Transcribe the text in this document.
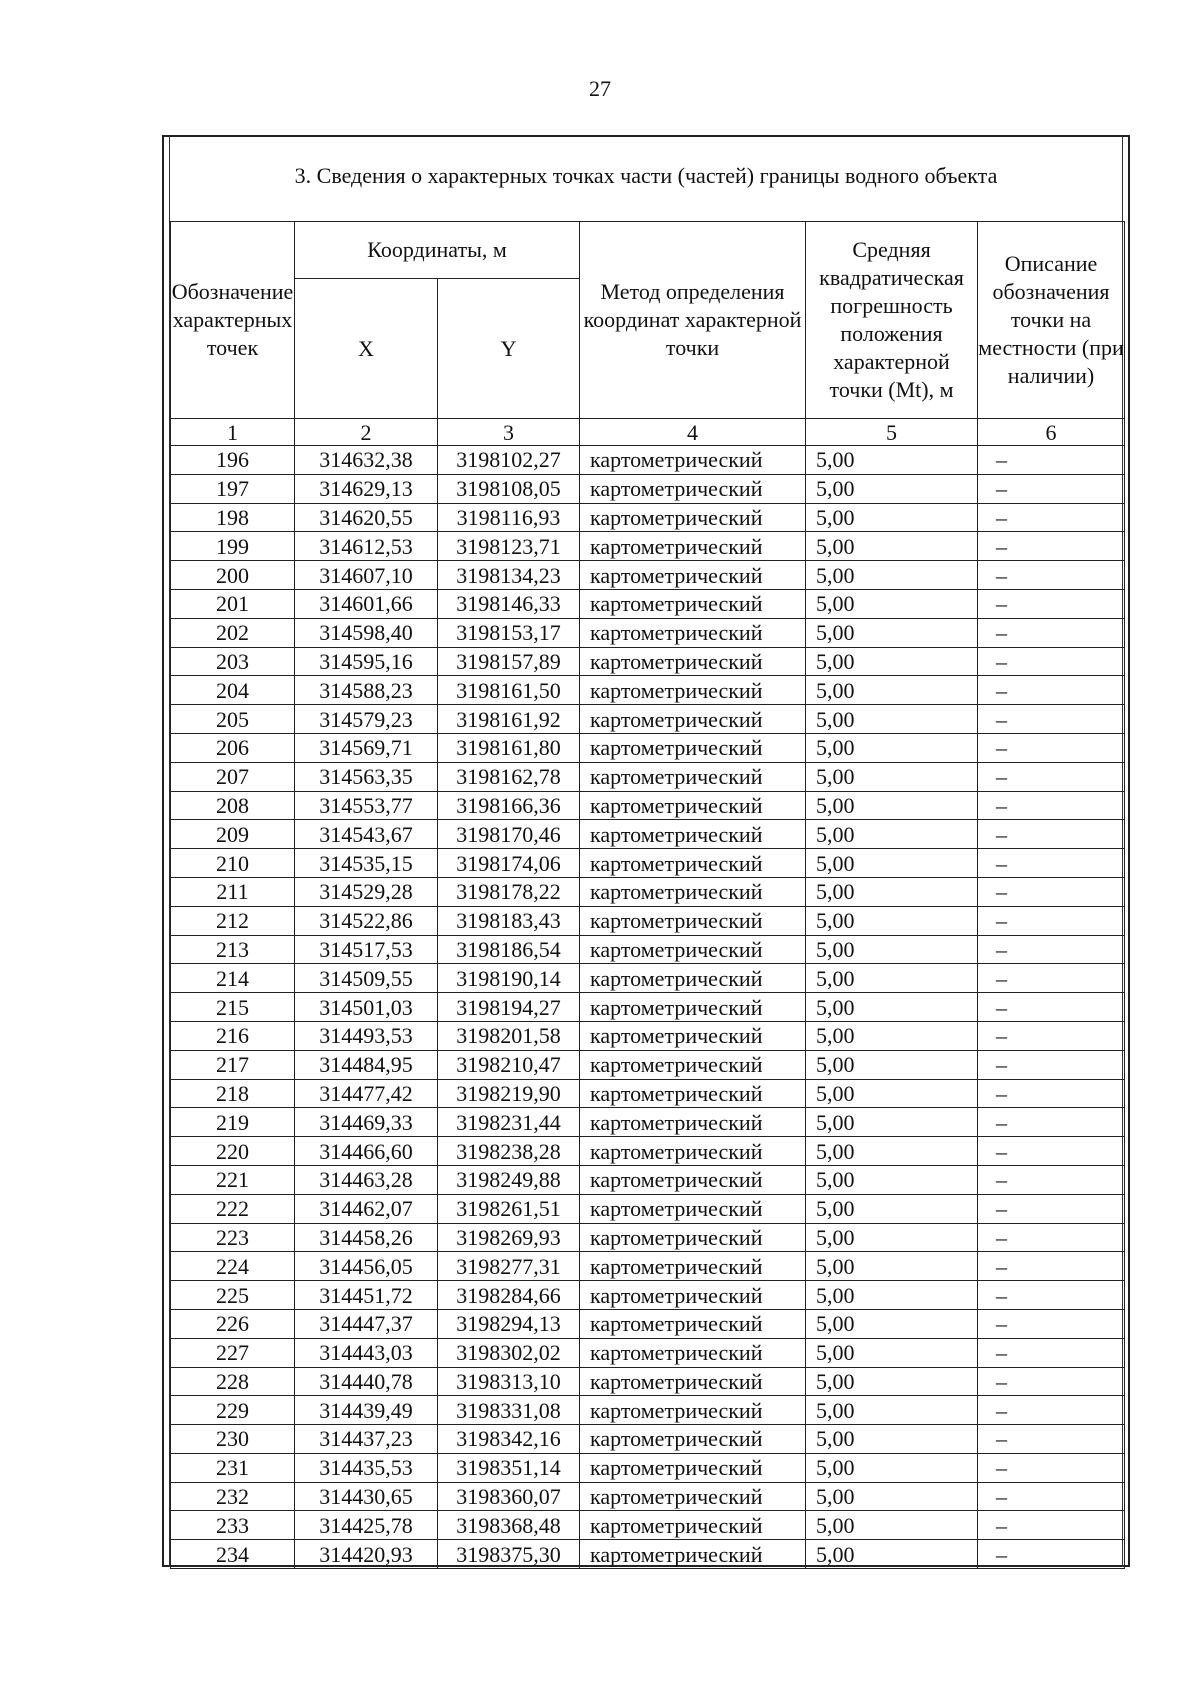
27
3. Сведения о характерных точках части (частей) границы водного объекта
Обозначение характерных точек	Координаты, м		Метод определения координат характерной точки	Средняя квадратическая погрешность положения характерной точки (Mt), м	Описание обозначения точки на местности (при наличии)
	X	Y			
1	2	3	4	5	6
196	314632,38	3198102,27	картометрический	5,00	–
197	314629,13	3198108,05	картометрический	5,00	–
198	314620,55	3198116,93	картометрический	5,00	–
199	314612,53	3198123,71	картометрический	5,00	–
200	314607,10	3198134,23	картометрический	5,00	–
201	314601,66	3198146,33	картометрический	5,00	–
202	314598,40	3198153,17	картометрический	5,00	–
203	314595,16	3198157,89	картометрический	5,00	–
204	314588,23	3198161,50	картометрический	5,00	–
205	314579,23	3198161,92	картометрический	5,00	–
206	314569,71	3198161,80	картометрический	5,00	–
207	314563,35	3198162,78	картометрический	5,00	–
208	314553,77	3198166,36	картометрический	5,00	–
209	314543,67	3198170,46	картометрический	5,00	–
210	314535,15	3198174,06	картометрический	5,00	–
211	314529,28	3198178,22	картометрический	5,00	–
212	314522,86	3198183,43	картометрический	5,00	–
213	314517,53	3198186,54	картометрический	5,00	–
214	314509,55	3198190,14	картометрический	5,00	–
215	314501,03	3198194,27	картометрический	5,00	–
216	314493,53	3198201,58	картометрический	5,00	–
217	314484,95	3198210,47	картометрический	5,00	–
218	314477,42	3198219,90	картометрический	5,00	–
219	314469,33	3198231,44	картометрический	5,00	–
220	314466,60	3198238,28	картометрический	5,00	–
221	314463,28	3198249,88	картометрический	5,00	–
222	314462,07	3198261,51	картометрический	5,00	–
223	314458,26	3198269,93	картометрический	5,00	–
224	314456,05	3198277,31	картометрический	5,00	–
225	314451,72	3198284,66	картометрический	5,00	–
226	314447,37	3198294,13	картометрический	5,00	–
227	314443,03	3198302,02	картометрический	5,00	–
228	314440,78	3198313,10	картометрический	5,00	–
229	314439,49	3198331,08	картометрический	5,00	–
230	314437,23	3198342,16	картометрический	5,00	–
231	314435,53	3198351,14	картометрический	5,00	–
232	314430,65	3198360,07	картометрический	5,00	–
233	314425,78	3198368,48	картометрический	5,00	–
234	314420,93	3198375,30	картометрический	5,00	–
